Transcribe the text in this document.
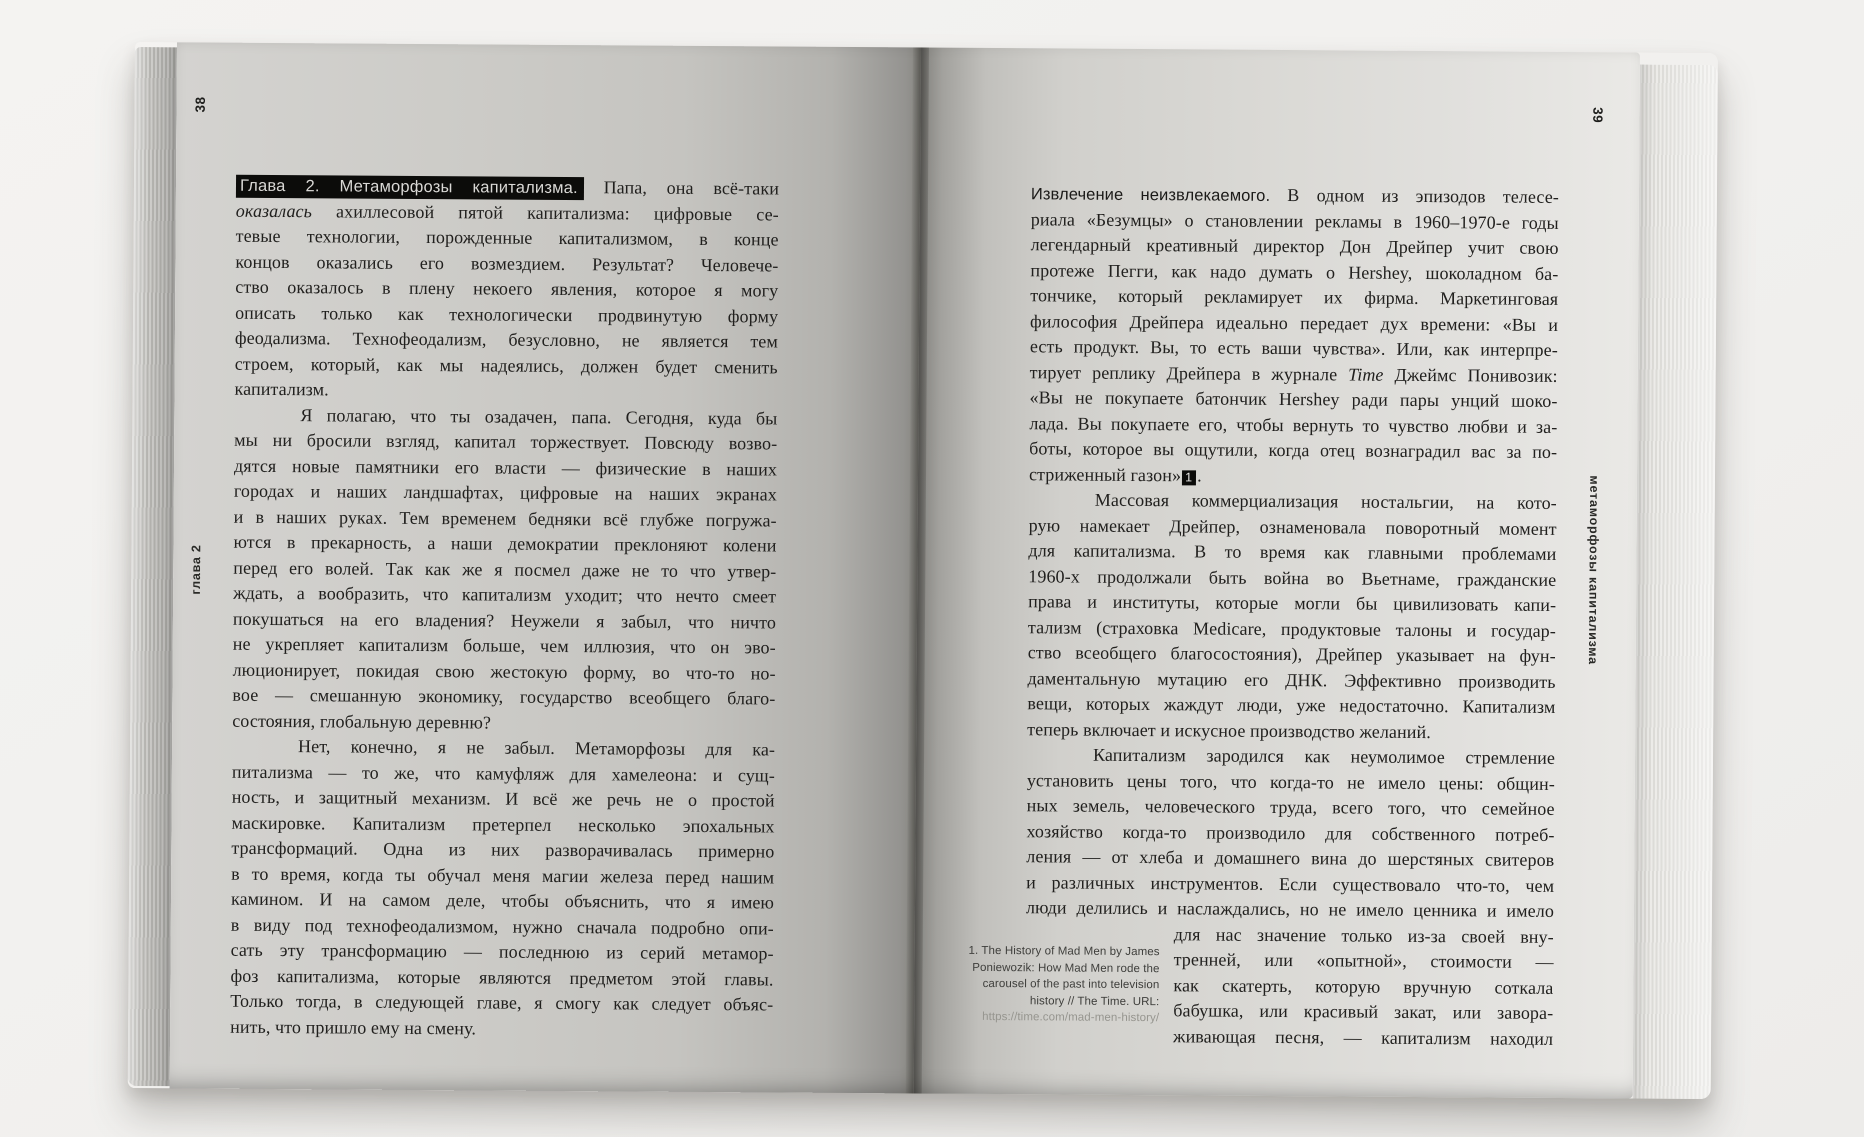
38
глава 2
39
метаморфозы капитализма
Глава 2. Метаморфозы капитализма. Папа, она всё-таки
оказалась ахиллесовой пятой капитализма: цифровые се-
тевые технологии, порожденные капитализмом, в конце
концов оказались его возмездием. Результат? Человече-
ство оказалось в плену некоего явления, которое я могу
описать только как технологически продвинутую форму
феодализма. Технофеодализм, безусловно, не является тем
строем, который, как мы надеялись, должен будет сменить
капитализм.
Я полагаю, что ты озадачен, папа. Сегодня, куда бы
мы ни бросили взгляд, капитал торжествует. Повсюду возво-
дятся новые памятники его власти — физические в наших
городах и наших ландшафтах, цифровые на наших экранах
и в наших руках. Тем временем бедняки всё глубже погружа-
ются в прекарность, а наши демократии преклоняют колени
перед его волей. Так как же я посмел даже не то что утвер-
ждать, а вообразить, что капитализм уходит; что нечто смеет
покушаться на его владения? Неужели я забыл, что ничто
не укрепляет капитализм больше, чем иллюзия, что он эво-
люционирует, покидая свою жестокую форму, во что-то но-
вое — смешанную экономику, государство всеобщего благо-
состояния, глобальную деревню?
Нет, конечно, я не забыл. Метаморфозы для ка-
питализма — то же, что камуфляж для хамелеона: и сущ-
ность, и защитный механизм. И всё же речь не о простой
маскировке. Капитализм претерпел несколько эпохальных
трансформаций. Одна из них разворачивалась примерно
в то время, когда ты обучал меня магии железа перед нашим
камином. И на самом деле, чтобы объяснить, что я имею
в виду под технофеодализмом, нужно сначала подробно опи-
сать эту трансформацию — последнюю из серий метамор-
фоз капитализма, которые являются предметом этой главы.
Только тогда, в следующей главе, я смогу как следует объяс-
нить, что пришло ему на смену.
Извлечение неизвлекаемого. В одном из эпизодов телесе-
риала «Безумцы» о становлении рекламы в 1960–1970-е годы
легендарный креативный директор Дон Дрейпер учит свою
протеже Пегги, как надо думать о Hershey, шоколадном ба-
тончике, который рекламирует их фирма. Маркетинговая
философия Дрейпера идеально передает дух времени: «Вы и
есть продукт. Вы, то есть ваши чувства». Или, как интерпре-
тирует реплику Дрейпера в журнале Time Джеймс Понивозик:
«Вы не покупаете батончик Hershey ради пары унций шоко-
лада. Вы покупаете его, чтобы вернуть то чувство любви и за-
боты, которое вы ощутили, когда отец вознаградил вас за по-
стриженный газон» 1 .
Массовая коммерциализация ностальгии, на кото-
рую намекает Дрейпер, ознаменовала поворотный момент
для капитализма. В то время как главными проблемами
1960-х продолжали быть война во Вьетнаме, гражданские
права и институты, которые могли бы цивилизовать капи-
тализм (страховка Medicare, продуктовые талоны и государ-
ство всеобщего благосостояния), Дрейпер указывает на фун-
даментальную мутацию его ДНК. Эффективно производить
вещи, которых жаждут люди, уже недостаточно. Капитализм
теперь включает и искусное производство желаний.
Капитализм зародился как неумолимое стремление
установить цены того, что когда-то не имело цены: общин-
ных земель, человеческого труда, всего того, что семейное
хозяйство когда-то производило для собственного потреб-
ления — от хлеба и домашнего вина до шерстяных свитеров
и различных инструментов. Если существовало что-то, чем
люди делились и наслаждались, но не имело ценника и имело
для нас значение только из-за своей вну-
тренней, или «опытной», стоимости —
как скатерть, которую вручную соткала
бабушка, или красивый закат, или завора-
живающая песня, — капитализм находил
1. The History of Mad Men by James
Poniewozik: How Mad Men rode the
carousel of the past into television
history // The Time. URL:
https://time.com/mad-men-history/
